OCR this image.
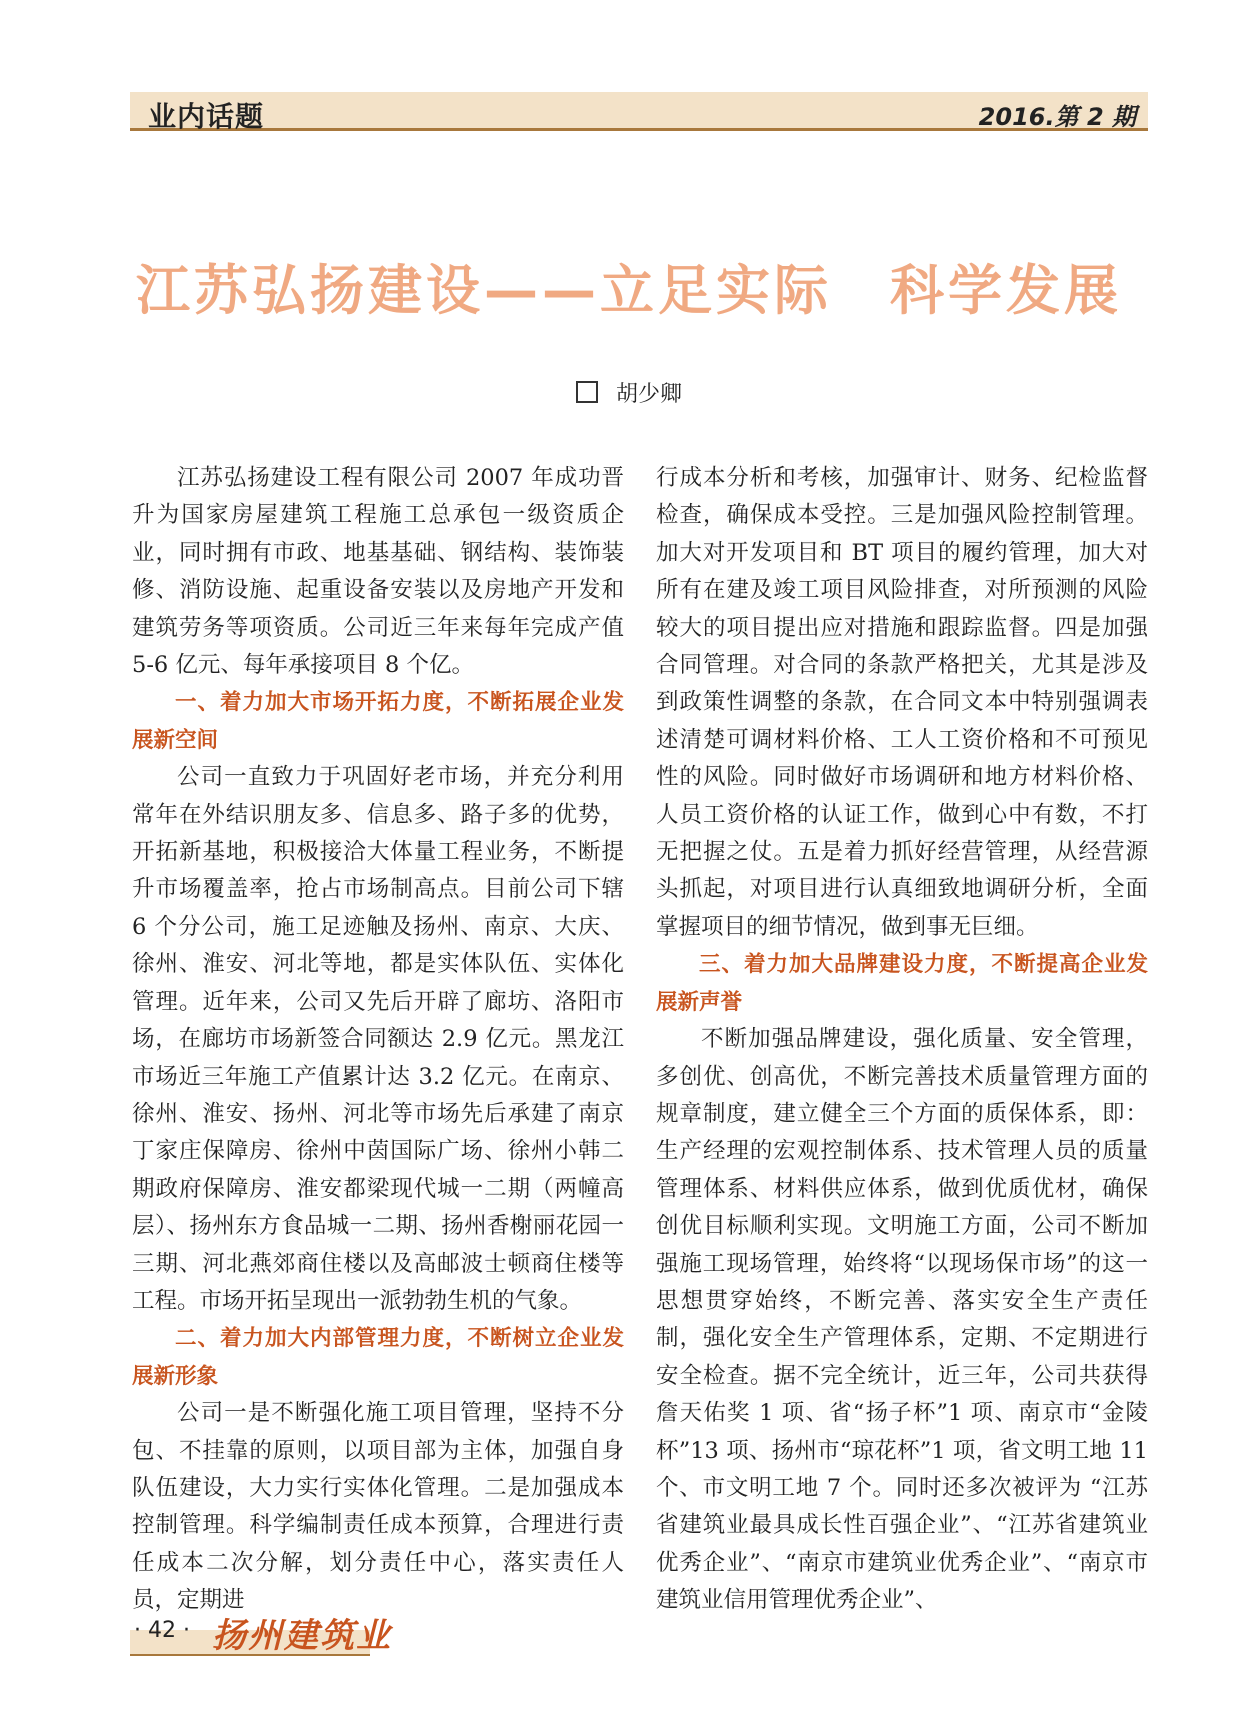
业内话题	2016.第 2 期
江苏弘扬建设——立足实际　科学发展
胡少卿

江苏弘扬建设工程有限公司 2007 年成功晋升为国家房屋建筑工程施工总承包一级资质企业，同时拥有市政、地基基础、钢结构、装饰装修、消防设施、起重设备安装以及房地产开发和建筑劳务等项资质。公司近三年来每年完成产值 5-6 亿元、每年承接项目 8 个亿。

一、着力加大市场开拓力度，不断拓展企业发展新空间

公司一直致力于巩固好老市场，并充分利用常年在外结识朋友多、信息多、路子多的优势，开拓新基地，积极接洽大体量工程业务，不断提升市场覆盖率，抢占市场制高点。目前公司下辖 6 个分公司，施工足迹触及扬州、南京、大庆、徐州、淮安、河北等地，都是实体队伍、实体化管理。近年来，公司又先后开辟了廊坊、洛阳市场，在廊坊市场新签合同额达 2.9 亿元。黑龙江市场近三年施工产值累计达 3.2 亿元。在南京、徐州、淮安、扬州、河北等市场先后承建了南京丁家庄保障房、徐州中茵国际广场、徐州小韩二期政府保障房、淮安都梁现代城一二期（两幢高层）、扬州东方食品城一二期、扬州香榭丽花园一三期、河北燕郊商住楼以及高邮波士顿商住楼等工程。市场开拓呈现出一派勃勃生机的气象。

二、着力加大内部管理力度，不断树立企业发展新形象

公司一是不断强化施工项目管理，坚持不分包、不挂靠的原则，以项目部为主体，加强自身队伍建设，大力实行实体化管理。二是加强成本控制管理。科学编制责任成本预算，合理进行责任成本二次分解，划分责任中心，落实责任人员，定期进

行成本分析和考核，加强审计、财务、纪检监督检查，确保成本受控。三是加强风险控制管理。加大对开发项目和 BT 项目的履约管理，加大对所有在建及竣工项目风险排查，对所预测的风险较大的项目提出应对措施和跟踪监督。四是加强合同管理。对合同的条款严格把关，尤其是涉及到政策性调整的条款，在合同文本中特别强调表述清楚可调材料价格、工人工资价格和不可预见性的风险。同时做好市场调研和地方材料价格、人员工资价格的认证工作，做到心中有数，不打无把握之仗。五是着力抓好经营管理，从经营源头抓起，对项目进行认真细致地调研分析，全面掌握项目的细节情况，做到事无巨细。

三、着力加大品牌建设力度，不断提高企业发展新声誉

不断加强品牌建设，强化质量、安全管理，多创优、创高优，不断完善技术质量管理方面的规章制度，建立健全三个方面的质保体系，即：生产经理的宏观控制体系、技术管理人员的质量管理体系、材料供应体系，做到优质优材，确保创优目标顺利实现。文明施工方面，公司不断加强施工现场管理，始终将“以现场保市场”的这一思想贯穿始终，不断完善、落实安全生产责任制，强化安全生产管理体系，定期、不定期进行安全检查。据不完全统计，近三年，公司共获得詹天佑奖 1 项、省“扬子杯”1 项、南京市“金陵杯”13 项、扬州市“琼花杯”1 项，省文明工地 11 个、市文明工地 7 个。同时还多次被评为 “江苏省建筑业最具成长性百强企业”、“江苏省建筑业优秀企业”、“南京市建筑业优秀企业”、“南京市建筑业信用管理优秀企业”、

· 42 · 扬州建筑业
